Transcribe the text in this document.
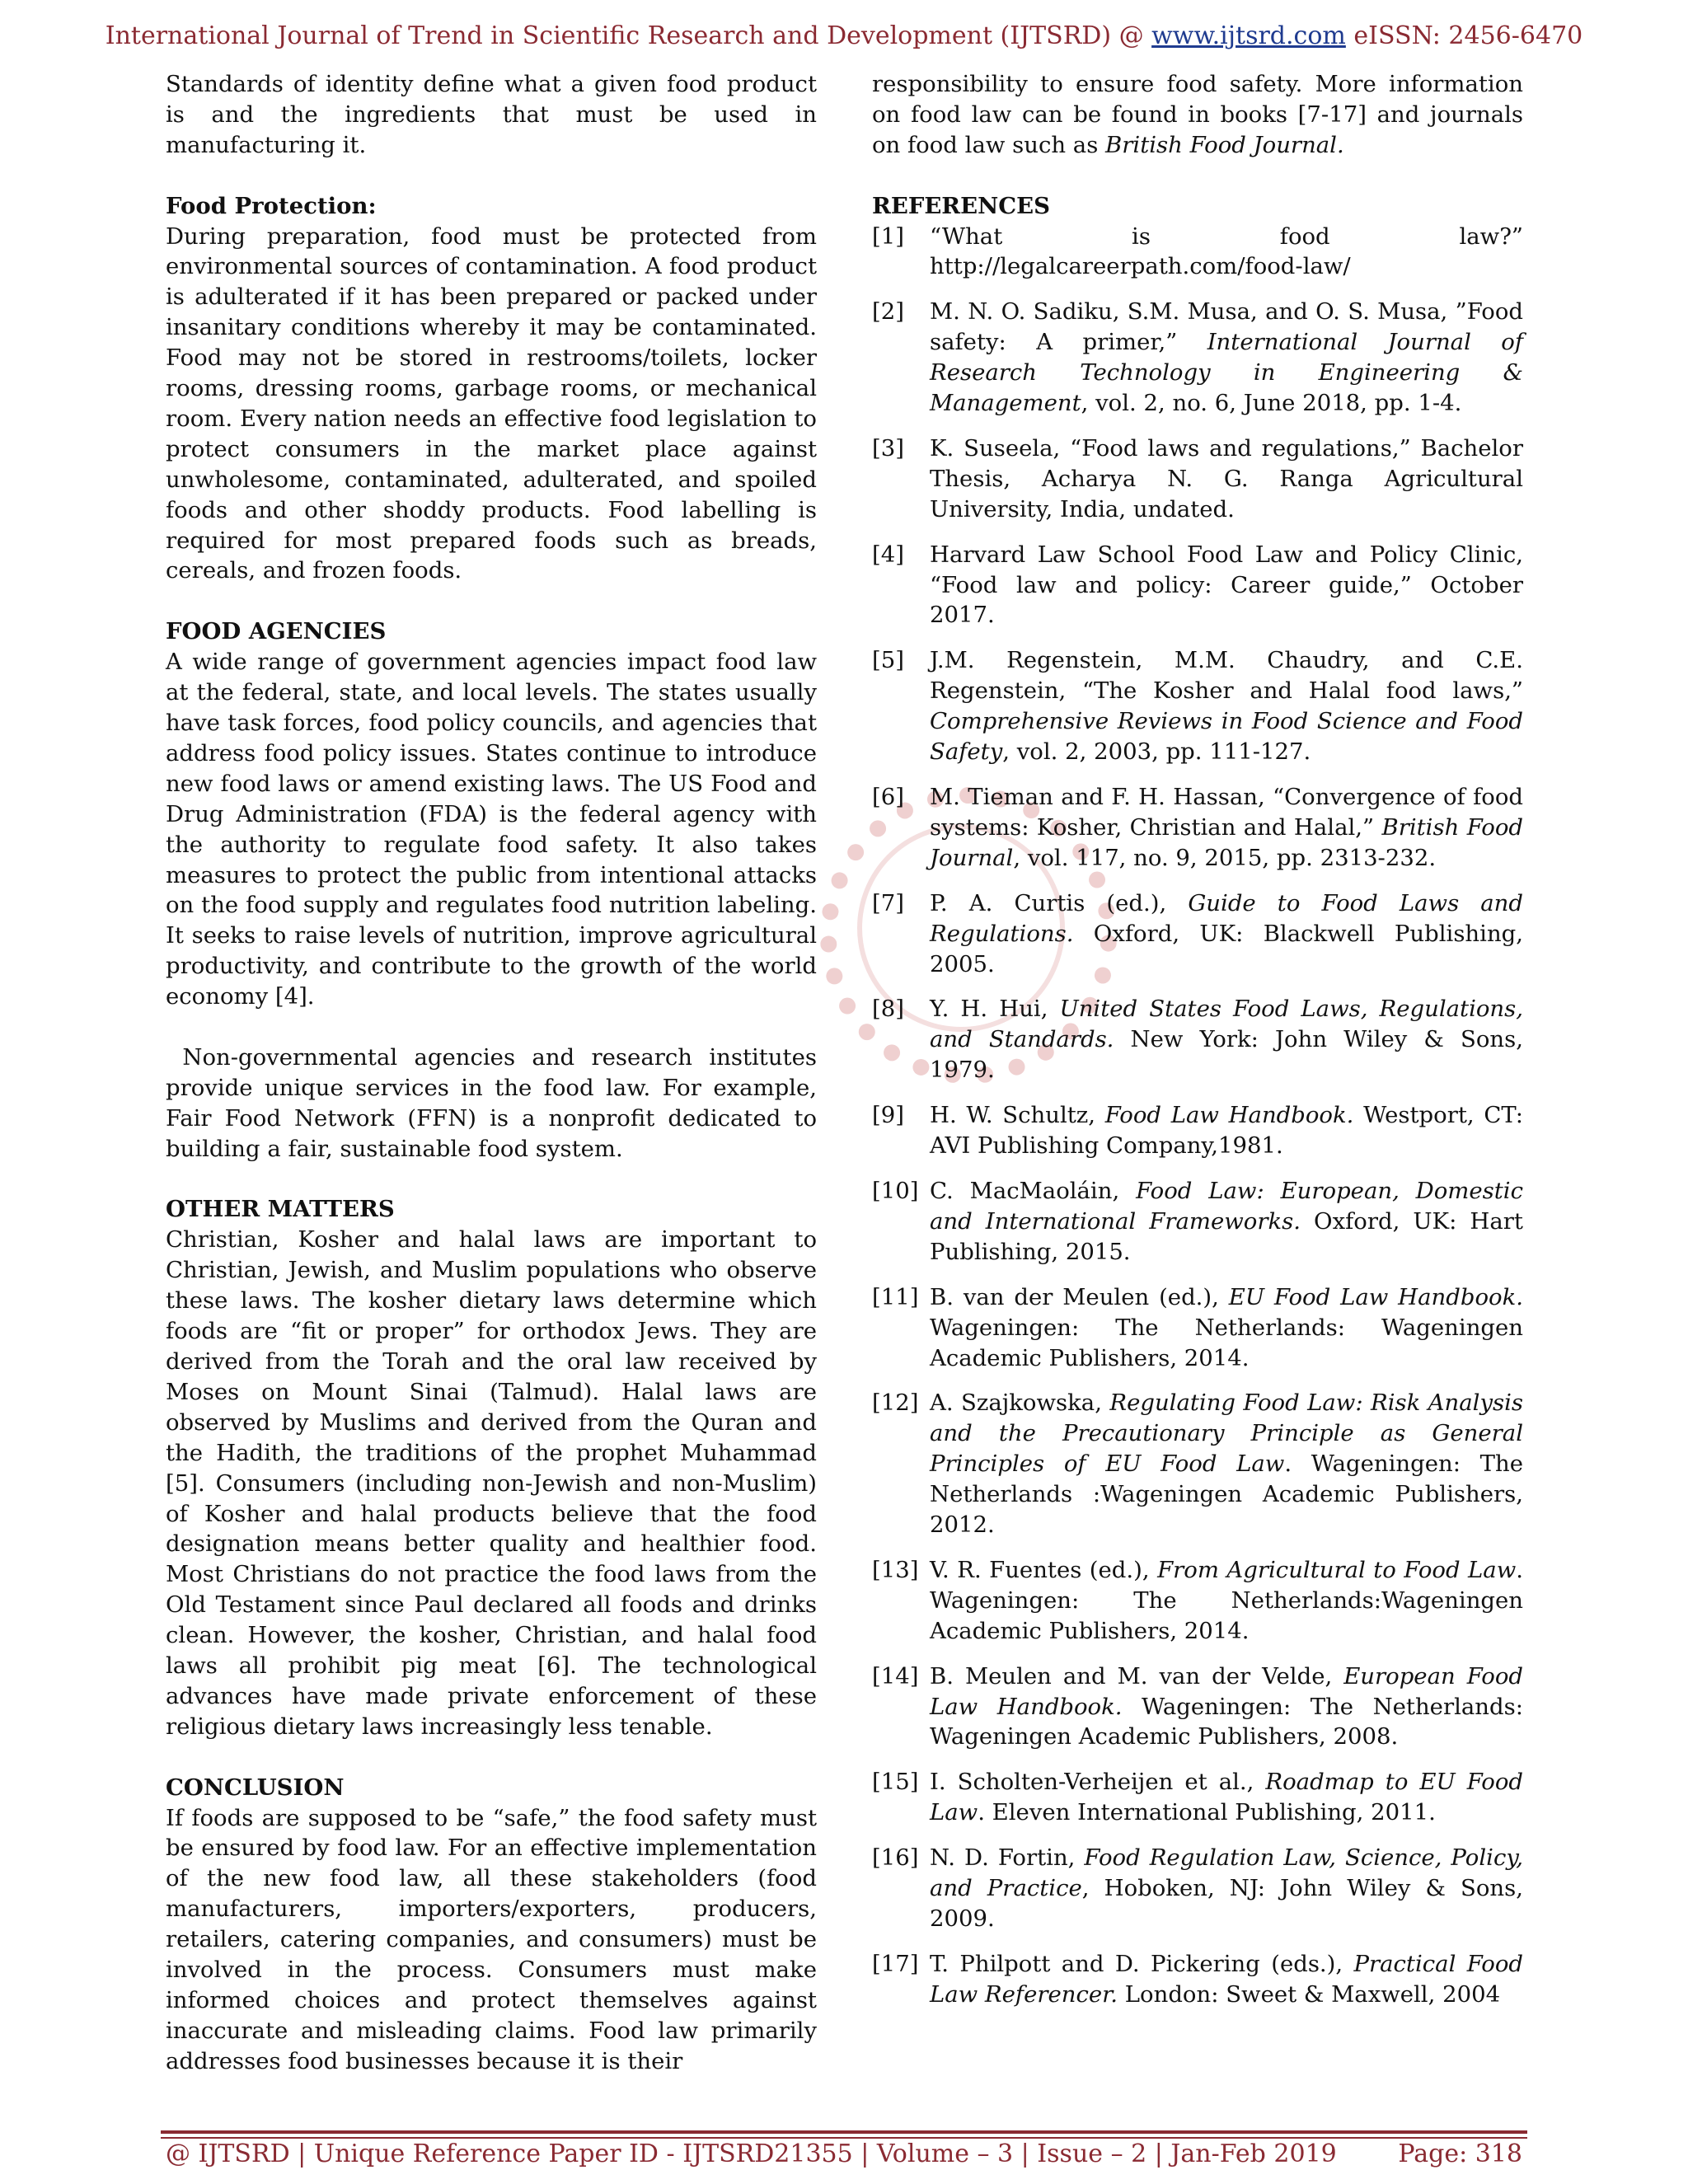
International Journal of Trend in Scientific Research and Development (IJTSRD) @ www.ijtsrd.com eISSN: 2456-6470

Standards of identity define what a given food product is and the ingredients that must be used in manufacturing it.

Food Protection:

During preparation, food must be protected from environmental sources of contamination. A food product is adulterated if it has been prepared or packed under insanitary conditions whereby it may be contaminated. Food may not be stored in restrooms/toilets, locker rooms, dressing rooms, garbage rooms, or mechanical room. Every nation needs an effective food legislation to protect consumers in the market place against unwholesome, contaminated, adulterated, and spoiled foods and other shoddy products. Food labelling is required for most prepared foods such as breads, cereals, and frozen foods.

FOOD AGENCIES

A wide range of government agencies impact food law at the federal, state, and local levels. The states usually have task forces, food policy councils, and agencies that address food policy issues. States continue to introduce new food laws or amend existing laws. The US Food and Drug Administration (FDA) is the federal agency with the authority to regulate food safety. It also takes measures to protect the public from intentional attacks on the food supply and regulates food nutrition labeling. It seeks to raise levels of nutrition, improve agricultural productivity, and contribute to the growth of the world economy [4].

Non-governmental agencies and research institutes provide unique services in the food law. For example, Fair Food Network (FFN) is a nonprofit dedicated to building a fair, sustainable food system.

OTHER MATTERS

Christian, Kosher and halal laws are important to Christian, Jewish, and Muslim populations who observe these laws. The kosher dietary laws determine which foods are “fit or proper” for orthodox Jews. They are derived from the Torah and the oral law received by Moses on Mount Sinai (Talmud). Halal laws are observed by Muslims and derived from the Quran and the Hadith, the traditions of the prophet Muhammad [5]. Consumers (including non-Jewish and non-Muslim) of Kosher and halal products believe that the food designation means better quality and healthier food. Most Christians do not practice the food laws from the Old Testament since Paul declared all foods and drinks clean. However, the kosher, Christian, and halal food laws all prohibit pig meat [6]. The technological advances have made private enforcement of these religious dietary laws increasingly less tenable.

CONCLUSION

If foods are supposed to be “safe,” the food safety must be ensured by food law. For an effective implementation of the new food law, all these stakeholders (food manufacturers, importers/exporters, producers, retailers, catering companies, and consumers) must be involved in the process. Consumers must make informed choices and protect themselves against inaccurate and misleading claims. Food law primarily addresses food businesses because it is their

responsibility to ensure food safety. More information on food law can be found in books [7-17] and journals on food law such as British Food Journal.

REFERENCES

[1]	“What is food law?” http://legalcareerpath.com/food-law/
[2]	M. N. O. Sadiku, S.M. Musa, and O. S. Musa, ”Food safety: A primer,” International Journal of Research Technology in Engineering & Management, vol. 2, no. 6, June 2018, pp. 1-4.
[3]	K. Suseela, “Food laws and regulations,” Bachelor Thesis, Acharya N. G. Ranga Agricultural University, India, undated.
[4]	Harvard Law School Food Law and Policy Clinic, “Food law and policy: Career guide,” October 2017.
[5]	J.M. Regenstein, M.M. Chaudry, and C.E. Regenstein, “The Kosher and Halal food laws,” Comprehensive Reviews in Food Science and Food Safety, vol. 2, 2003, pp. 111-127.
[6]	M. Tieman and F. H. Hassan, “Convergence of food systems: Kosher, Christian and Halal,” British Food Journal, vol. 117, no. 9, 2015, pp. 2313-232.
[7]	P. A. Curtis (ed.), Guide to Food Laws and Regulations. Oxford, UK: Blackwell Publishing, 2005.
[8]	Y. H. Hui, United States Food Laws, Regulations, and Standards. New York: John Wiley & Sons, 1979.
[9]	H. W. Schultz, Food Law Handbook. Westport, CT: AVI Publishing Company,1981.
[10] C. MacMaoláin, Food Law: European, Domestic and International Frameworks. Oxford, UK: Hart Publishing, 2015.
[11] B. van der Meulen (ed.), EU Food Law Handbook. Wageningen: The Netherlands: Wageningen Academic Publishers, 2014.
[12] A. Szajkowska, Regulating Food Law: Risk Analysis and the Precautionary Principle as General Principles of EU Food Law. Wageningen: The Netherlands :Wageningen Academic Publishers, 2012.
[13] V. R. Fuentes (ed.), From Agricultural to Food Law. Wageningen: The Netherlands:Wageningen Academic Publishers, 2014.
[14] B. Meulen and M. van der Velde, European Food Law Handbook. Wageningen: The Netherlands: Wageningen Academic Publishers, 2008.
[15] I. Scholten-Verheijen et al., Roadmap to EU Food Law. Eleven International Publishing, 2011.
[16] N. D. Fortin, Food Regulation Law, Science, Policy, and Practice, Hoboken, NJ: John Wiley & Sons, 2009.
[17] T. Philpott and D. Pickering (eds.), Practical Food Law Referencer. London: Sweet & Maxwell, 2004
@ IJTSRD | Unique Reference Paper ID - IJTSRD21355 | Volume – 3 | Issue – 2 | Jan-Feb 2019 Page: 318
